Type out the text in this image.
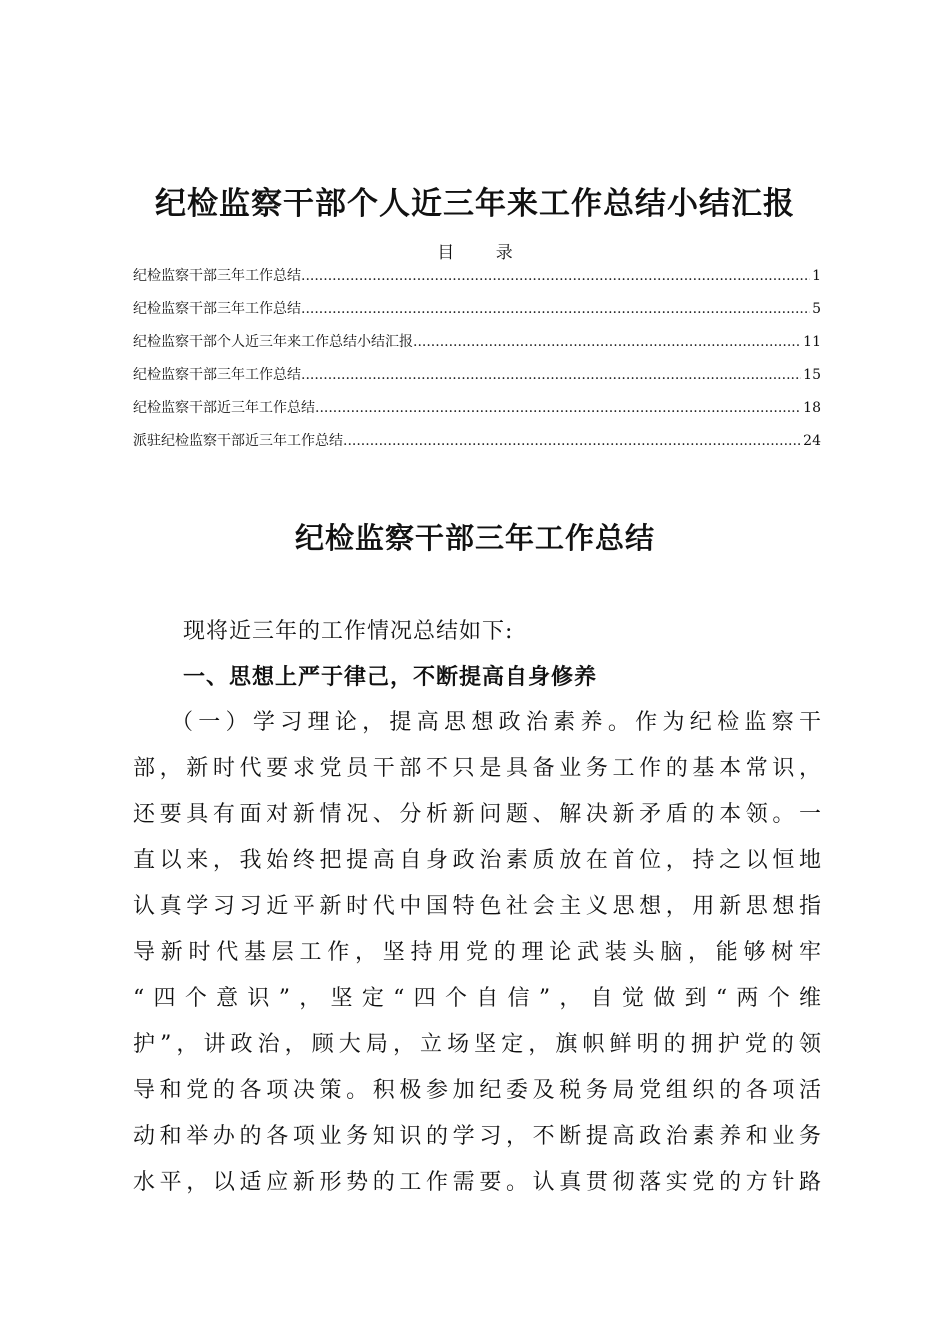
纪检监察干部个人近三年来工作总结小结汇报
目 录
纪检监察干部三年工作总结 .....	1
纪检监察干部三年工作总结 .....	5
纪检监察干部个人近三年来工作总结小结汇报 .....	11
纪检监察干部三年工作总结 .....	15
纪检监察干部近三年工作总结 .....	18
派驻纪检监察干部近三年工作总结 .....	24
纪检监察干部三年工作总结

现将近三年的工作情况总结如下:

一、思想上严于律己，不断提高自身修养
（一）学习理论，提高思想政治素养。作为纪检监察干
部，新时代要求党员干部不只是具备业务工作的基本常识，
还要具有面对新情况、分析新问题、解决新矛盾的本领。一
直以来，我始终把提高自身政治素质放在首位，持之以恒地
认真学习习近平新时代中国特色社会主义思想，用新思想指
导新时代基层工作，坚持用党的理论武装头脑，能够树牢
“四个意识”，坚定“四个自信”，自觉做到“两个维
护”，讲政治，顾大局，立场坚定，旗帜鲜明的拥护党的领
导和党的各项决策。积极参加纪委及税务局党组织的各项活
动和举办的各项业务知识的学习，不断提高政治素养和业务
水平，以适应新形势的工作需要。认真贯彻落实党的方针路
